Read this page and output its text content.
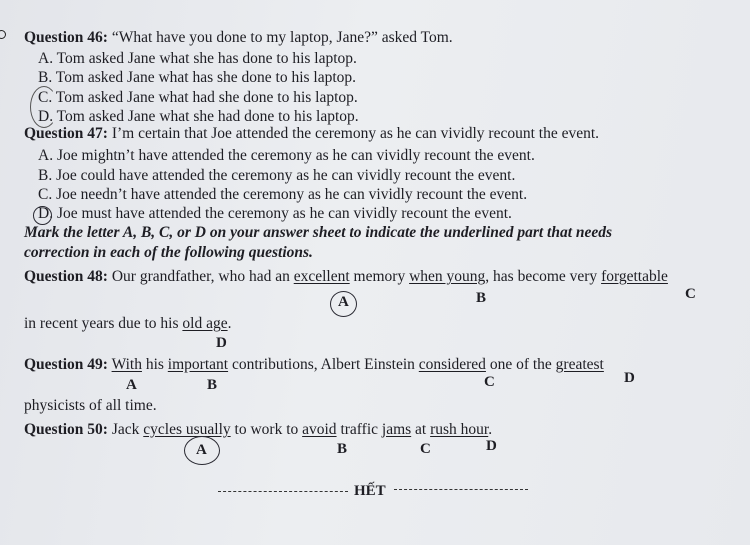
Question 46: “What have you done to my laptop, Jane?” asked Tom.
A. Tom asked Jane what she has done to his laptop.
B. Tom asked Jane what has she done to his laptop.
C. Tom asked Jane what had she done to his laptop.
D. Tom asked Jane what she had done to his laptop.
Question 47: I’m certain that Joe attended the ceremony as he can vividly recount the event.
A. Joe mightn’t have attended the ceremony as he can vividly recount the event.
B. Joe could have attended the ceremony as he can vividly recount the event.
C. Joe needn’t have attended the ceremony as he can vividly recount the event.
D. Joe must have attended the ceremony as he can vividly recount the event.
Mark the letter A, B, C, or D on your answer sheet to indicate the underlined part that needs
correction in each of the following questions.
Question 48: Our grandfather, who had an excellent memory when young, has become very forgettable
A	B	C
in recent years due to his old age.
D
Question 49: With his important contributions, Albert Einstein considered one of the greatest
A	B	C	D
physicists of all time.
Question 50: Jack cycles usually to work to avoid traffic jams at rush hour.
A	B	C	D
HẾT
